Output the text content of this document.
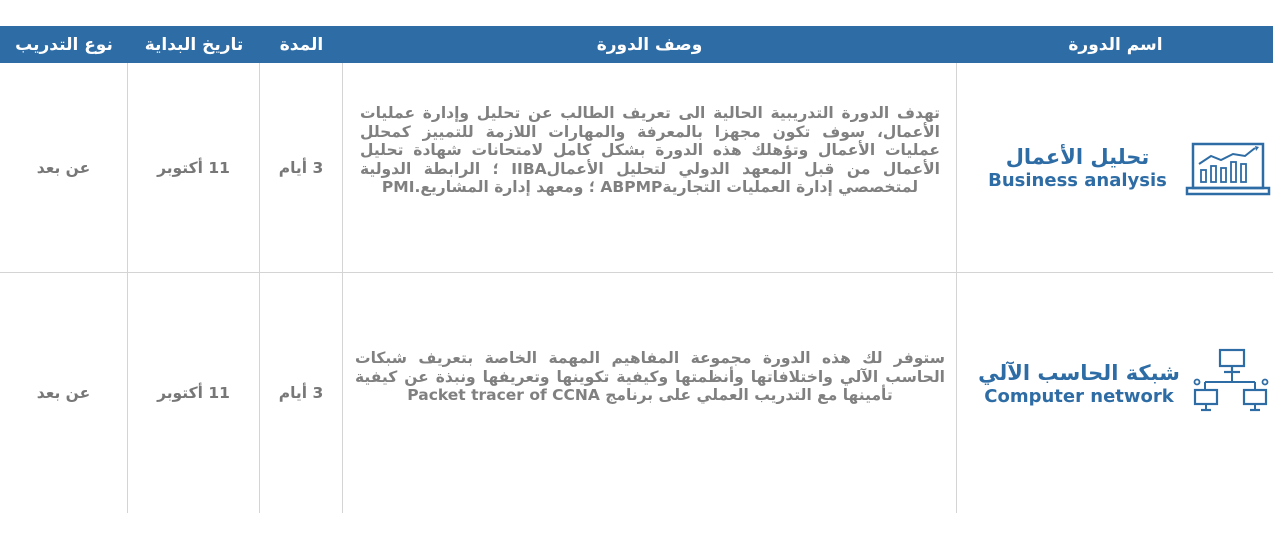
اسم الدورة
وصف الدورة
المدة
تاريخ البداية
نوع التدريب
تحليل الأعمال
Business analysis
تهدف الدورة التدريبية الحالية الى تعريف الطالب عن تحليل وإدارة عمليات الأعمال، سوف تكون مجهزا بالمعرفة والمهارات اللازمة للتمييز كمحلل عمليات الأعمال وتؤهلك هذه الدورة بشكل كامل لامتحانات شهادة تحليل الأعمال من قبل المعهد الدولي لتحليل الأعمالIIBA ؛ الرابطة الدولية لمتخصصي إدارة العمليات التجاريةABPMP ؛ ومعهد إدارة المشاريع.PMI
3 أيام
11 أكتوبر
عن بعد
شبكة الحاسب الآلي
Computer network
ستوفر لك هذه الدورة مجموعة المفاهيم المهمة الخاصة بتعريف شبكات الحاسب الآلي واختلافاتها وأنظمتها وكيفية تكوينها وتعريفها ونبذة عن كيفية تأمينها مع التدريب العملي على برنامج Packet tracer of CCNA
3 أيام
11 أكتوبر
عن بعد
